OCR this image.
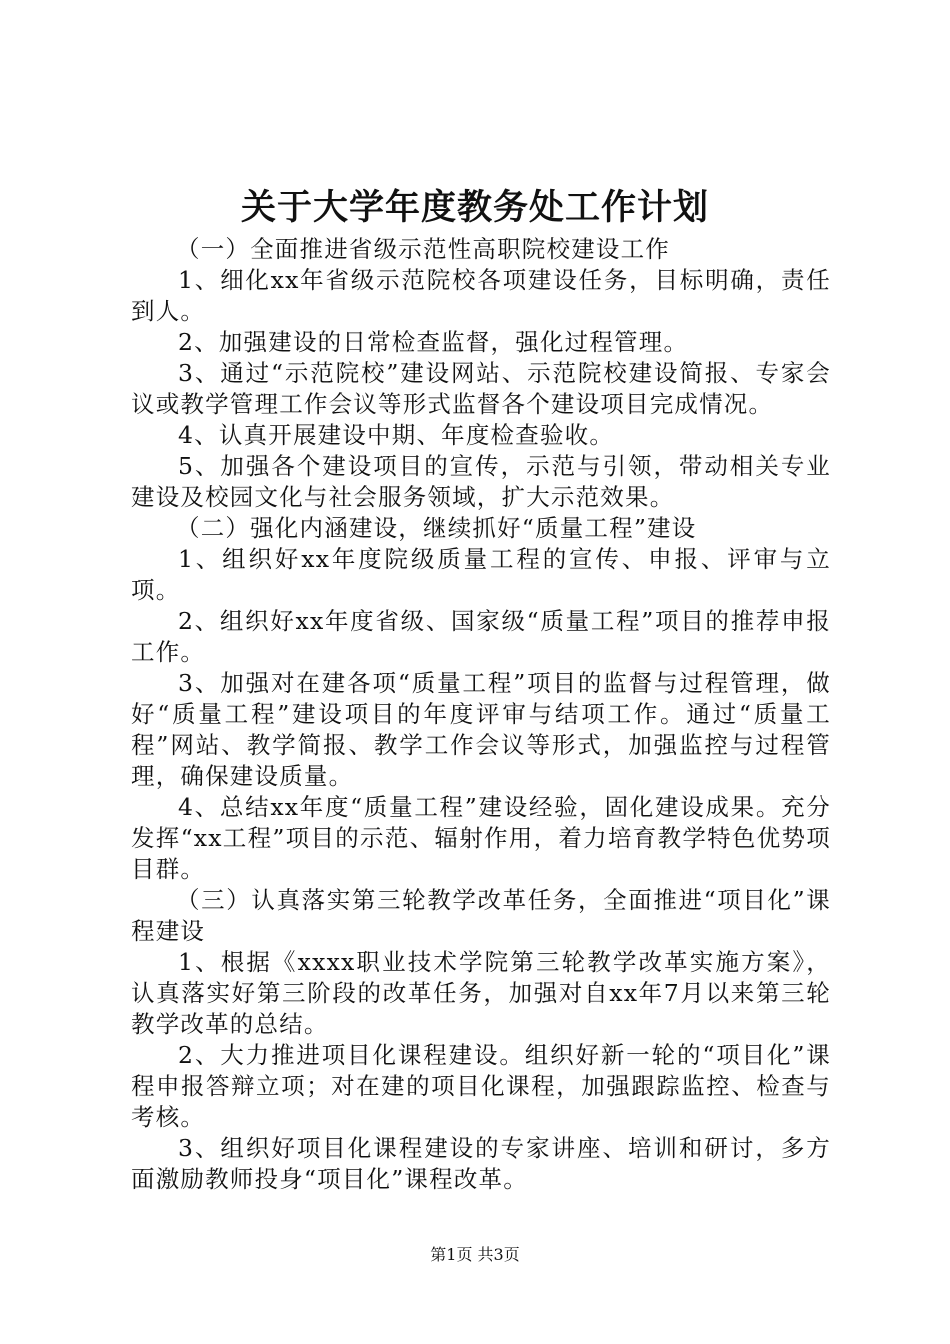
关于大学年度教务处工作计划

（一）全面推进省级示范性高职院校建设工作

1、细化xx年省级示范院校各项建设任务，目标明确，责任到人。

2、加强建设的日常检查监督，强化过程管理。

3、通过“示范院校”建设网站、示范院校建设简报、专家会议或教学管理工作会议等形式监督各个建设项目完成情况。

4、认真开展建设中期、年度检查验收。

5、加强各个建设项目的宣传，示范与引领，带动相关专业建设及校园文化与社会服务领域，扩大示范效果。

（二）强化内涵建设，继续抓好“质量工程”建设

1、组织好xx年度院级质量工程的宣传、申报、评审与立项。

2、组织好xx年度省级、国家级“质量工程”项目的推荐申报工作。

3、加强对在建各项“质量工程”项目的监督与过程管理，做好“质量工程”建设项目的年度评审与结项工作。通过“质量工程”网站、教学简报、教学工作会议等形式，加强监控与过程管理，确保建设质量。

4、总结xx年度“质量工程”建设经验，固化建设成果。充分发挥“xx工程”项目的示范、辐射作用，着力培育教学特色优势项目群。

（三）认真落实第三轮教学改革任务，全面推进“项目化”课程建设

1、根据《xxxx职业技术学院第三轮教学改革实施方案》，认真落实好第三阶段的改革任务，加强对自xx年7月以来第三轮教学改革的总结。

2、大力推进项目化课程建设。组织好新一轮的“项目化”课程申报答辩立项；对在建的项目化课程，加强跟踪监控、检查与考核。

3、组织好项目化课程建设的专家讲座、培训和研讨，多方面激励教师投身“项目化”课程改革。

第1页 共3页
